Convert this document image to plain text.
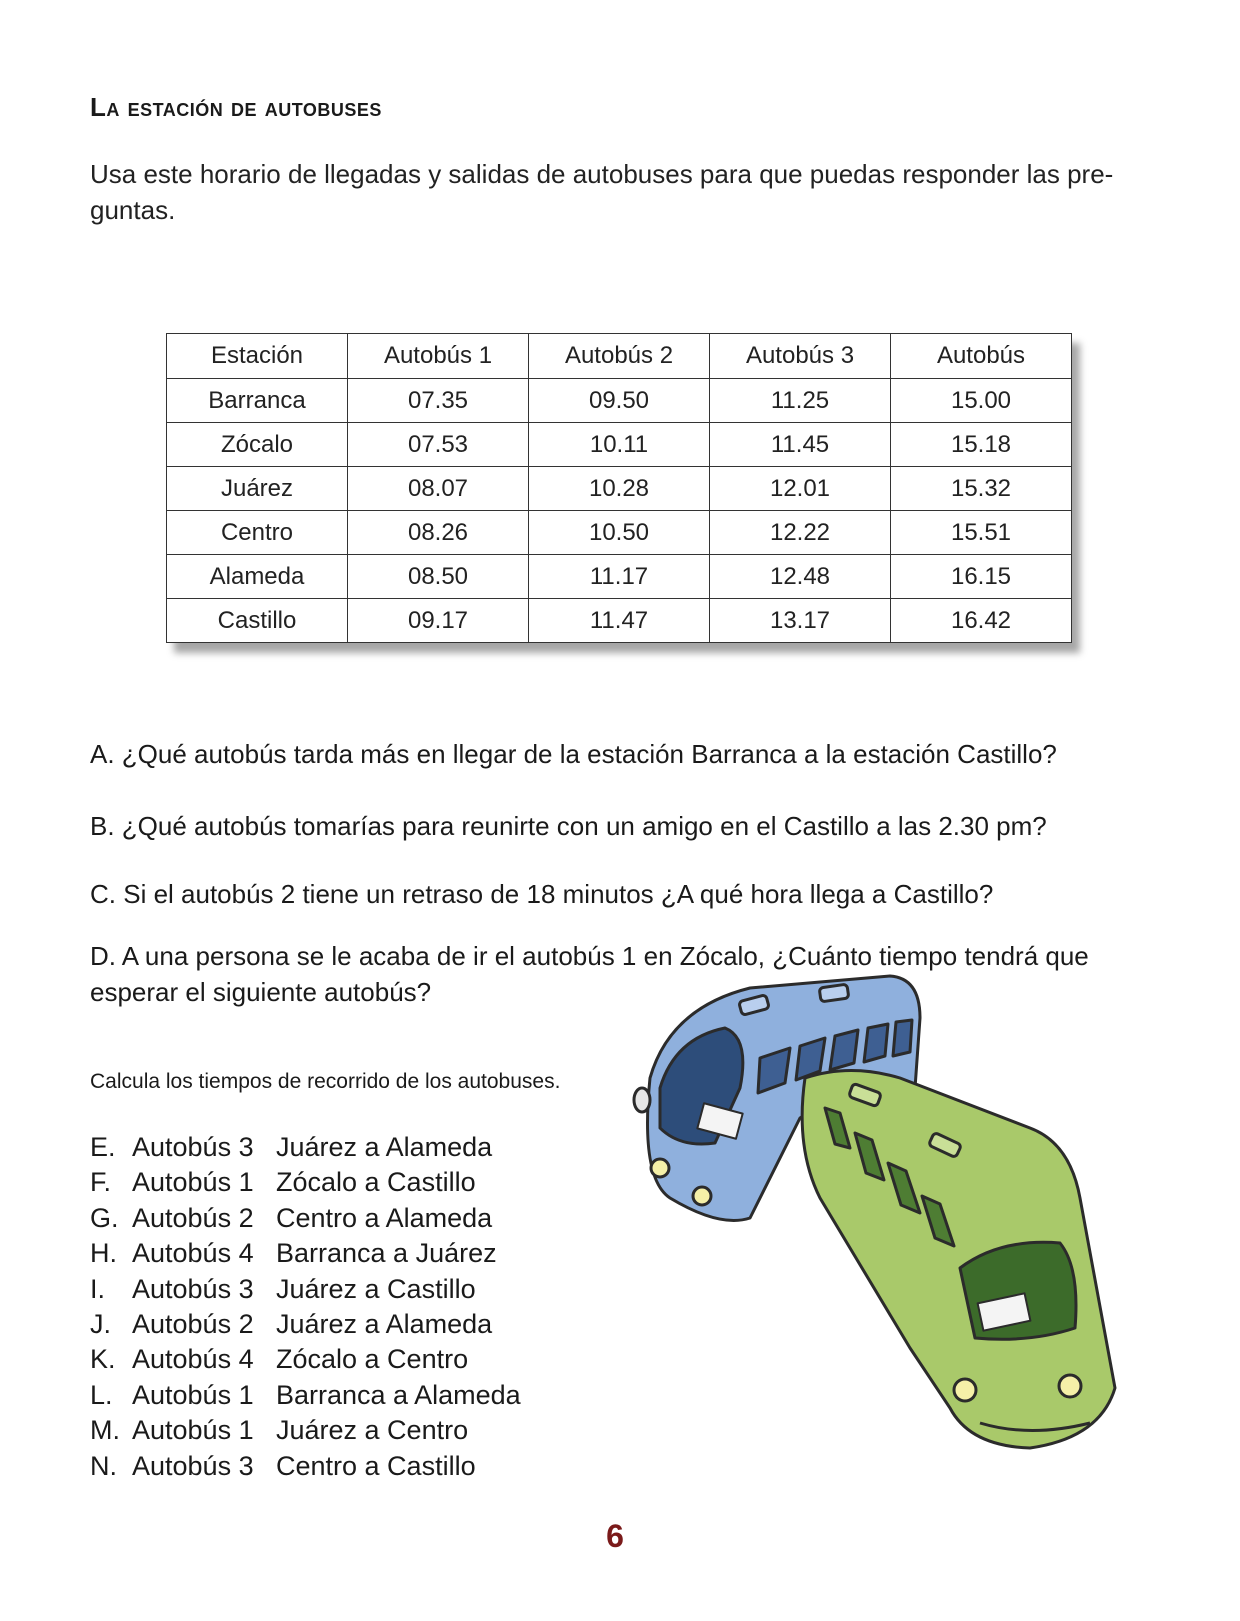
La estación de autobuses
Usa este horario de llegadas y salidas de autobuses para que puedas responder las pre-
guntas.
Estación	Autobús 1	Autobús 2	Autobús 3	Autobús
Barranca	07.35	09.50	11.25	15.00
Zócalo	07.53	10.11	11.45	15.18
Juárez	08.07	10.28	12.01	15.32
Centro	08.26	10.50	12.22	15.51
Alameda	08.50	11.17	12.48	16.15
Castillo	09.17	11.47	13.17	16.42
A. ¿Qué autobús tarda más en llegar de la estación Barranca a la estación Castillo?
B. ¿Qué autobús tomarías para reunirte con un amigo en el Castillo a las 2.30 pm?
C. Si el autobús 2 tiene un retraso de 18 minutos ¿A qué hora llega a Castillo?
D. A una persona se le acaba de ir el autobús 1 en Zócalo, ¿Cuánto tiempo tendrá que
esperar el siguiente autobús?
Calcula los tiempos de recorrido de los autobuses.
E. Autobús 3 Juárez a Alameda
F. Autobús 1 Zócalo a Castillo
G. Autobús 2 Centro a Alameda
H. Autobús 4 Barranca a Juárez
I. Autobús 3 Juárez a Castillo
J. Autobús 2 Juárez a Alameda
K. Autobús 4 Zócalo a Centro
L. Autobús 1 Barranca a Alameda
M. Autobús 1 Juárez a Centro
N. Autobús 3 Centro a Castillo
6
